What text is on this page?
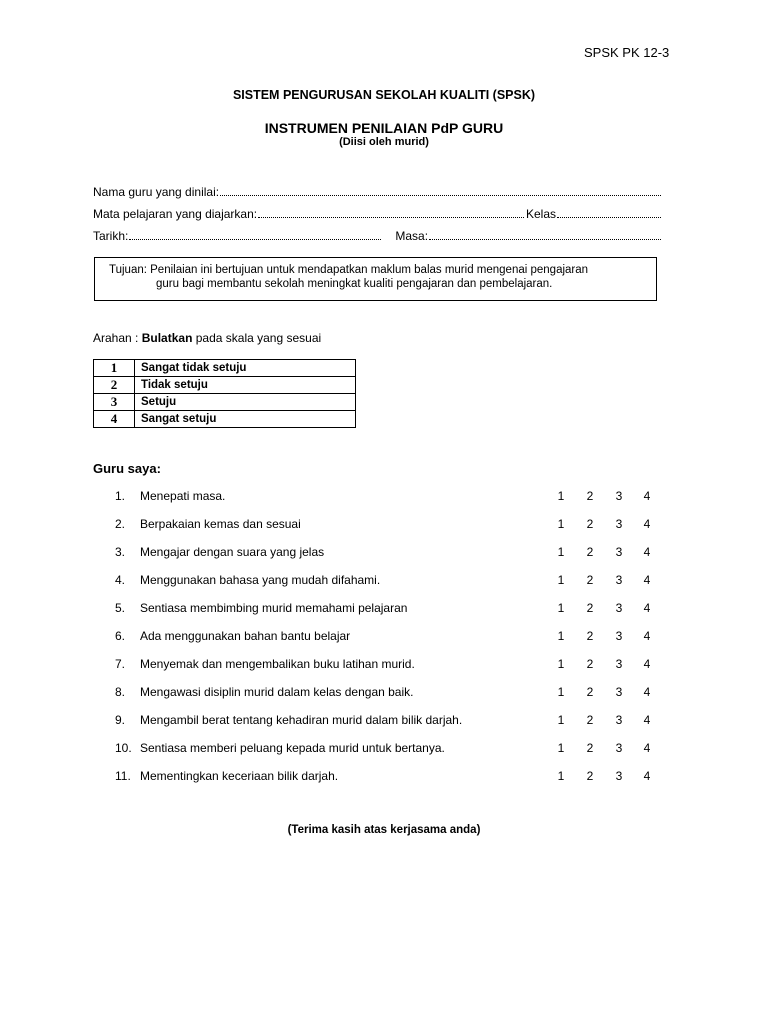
SPSK PK 12-3
SISTEM PENGURUSAN SEKOLAH KUALITI (SPSK)
INSTRUMEN PENILAIAN PdP GURU
(Diisi oleh murid)
Nama guru yang dinilai:
Mata pelajaran yang diajarkan:	Kelas
Tarikh:	Masa:
Tujuan: Penilaian ini bertujuan untuk mendapatkan maklum balas murid mengenai pengajaran
guru bagi membantu sekolah meningkat kualiti pengajaran dan pembelajaran.
Arahan : Bulatkan pada skala yang sesuai
1	Sangat tidak setuju
2	Tidak setuju
3	Setuju
4	Sangat setuju
Guru saya:
1. Menepati masa.	1	2	3	4
2. Berpakaian kemas dan sesuai	1	2	3	4
3. Mengajar dengan suara yang jelas	1	2	3	4
4. Menggunakan bahasa yang mudah difahami.	1	2	3	4
5. Sentiasa membimbing murid memahami pelajaran	1	2	3	4
6. Ada menggunakan bahan bantu belajar	1	2	3	4
7. Menyemak dan mengembalikan buku latihan murid.	1	2	3	4
8. Mengawasi disiplin murid dalam kelas dengan baik.	1	2	3	4
9. Mengambil berat tentang kehadiran murid dalam bilik darjah.	1	2	3	4
10. Sentiasa memberi peluang kepada murid untuk bertanya.	1	2	3	4
11. Mementingkan keceriaan bilik darjah.	1	2	3	4
(Terima kasih atas kerjasama anda)
